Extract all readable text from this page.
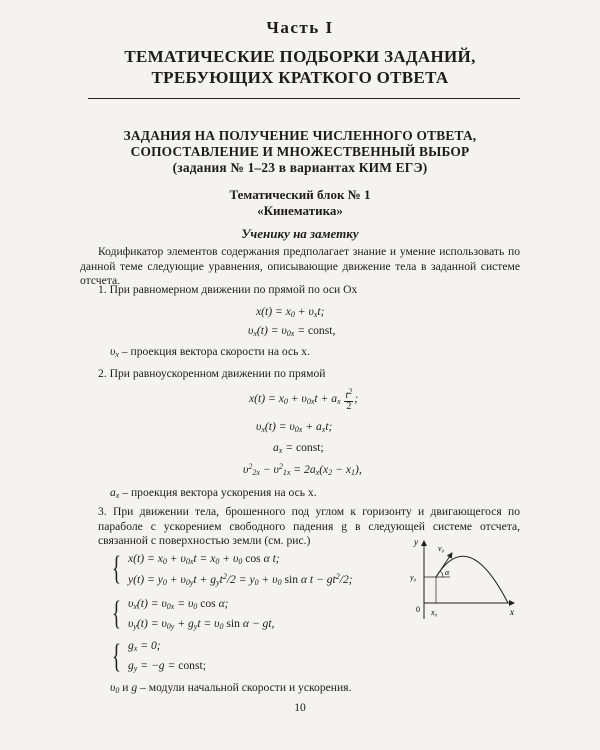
Часть I
ТЕМАТИЧЕСКИЕ ПОДБОРКИ ЗАДАНИЙ,
ТРЕБУЮЩИХ КРАТКОГО ОТВЕТА
ЗАДАНИЯ НА ПОЛУЧЕНИЕ ЧИСЛЕННОГО ОТВЕТА,
СОПОСТАВЛЕНИЕ И МНОЖЕСТВЕННЫЙ ВЫБОР
(задания № 1–23 в вариантах КИМ ЕГЭ)
Тематический блок № 1
«Кинематика»
Ученику на заметку
Кодификатор элементов содержания предполагает знание и умение использовать по данной теме следующие уравнения, описывающие движение тела в заданной системе отсчета.
1. При равномерном движении по прямой по оси Ox
$x(t) = x_0 + \upsilon_xt$;
$\upsilon_x(t) = \upsilon_{0x}$ = const,
$\upsilon_x$ – проекция вектора скорости на ось x.
2. При равноускоренном движении по прямой
$x(t) = x_0 + \upsilon_{0x}t + a_x \frac{t^2}{2}$ ;
$\upsilon_x(t) = \upsilon_{0x} + a_xt$;
$a_x$ = const;
$\upsilon^2_{2x} - \upsilon^2_{1x} = 2a_x(x_2 - x_1)$,
$a_x$ – проекция вектора ускорения на ось x.
3. При движении тела, брошенного под углом к горизонту и двигающегося по параболе с ускорением свободного падения g в следующей системе отсчета, связанной с поверхностью земли (см. рис.)
{ $x(t) = x_0 + \upsilon_{0x}t = x_0 + \upsilon_0$ cos α t;
$y(t) = y_0 + \upsilon_{0y}t + g_yt^2/2 = y_0 + \upsilon_0$ sin α $t - gt^2/2$;
{ $\upsilon_x(t) = \upsilon_{0x} = \upsilon_0$ cos α;
$\upsilon_y(t) = \upsilon_{0y} + g_yt = \upsilon_0$ sin α − gt,
{ $g_x = 0$;
$g_y = -g$ = const;
$\upsilon_0$ и g – модули начальной скорости и ускорения.
y
x
y₀
x₀
0
v₀
α
10
